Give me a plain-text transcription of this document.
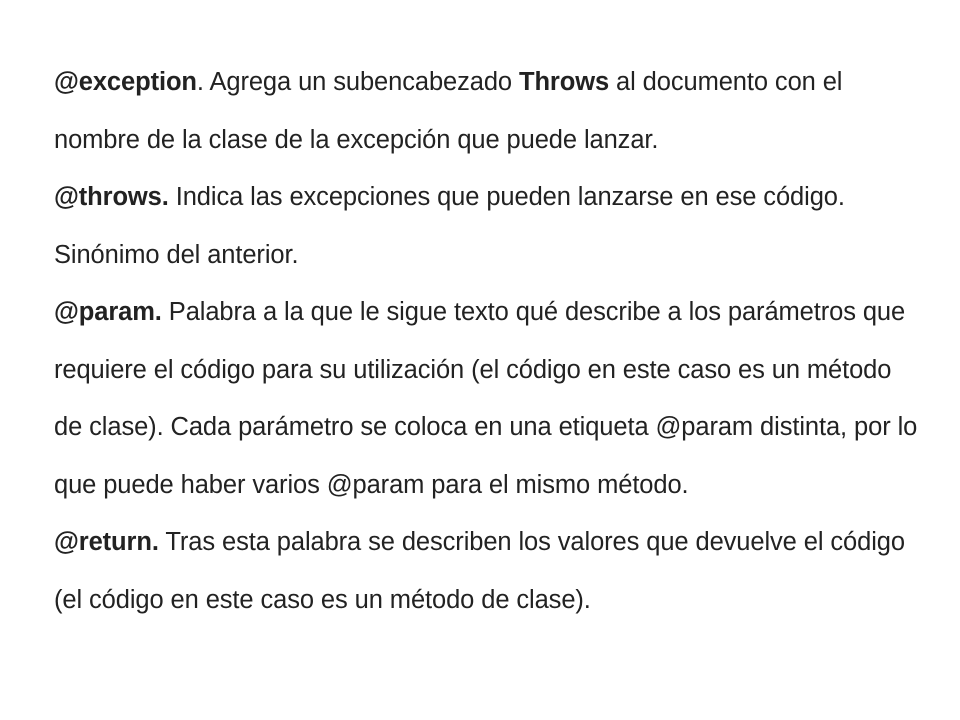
@exception. Agrega un subencabezado Throws al documento con el nombre de la clase de la excepción que puede lanzar.

@throws. Indica las excepciones que pueden lanzarse en ese código. Sinónimo del anterior.

@param. Palabra a la que le sigue texto qué describe a los parámetros que requiere el código para su utilización (el código en este caso es un método de clase). Cada parámetro se coloca en una etiqueta @param distinta, por lo que puede haber varios @param para el mismo método.

@return. Tras esta palabra se describen los valores que devuelve el código (el código en este caso es un método de clase).
